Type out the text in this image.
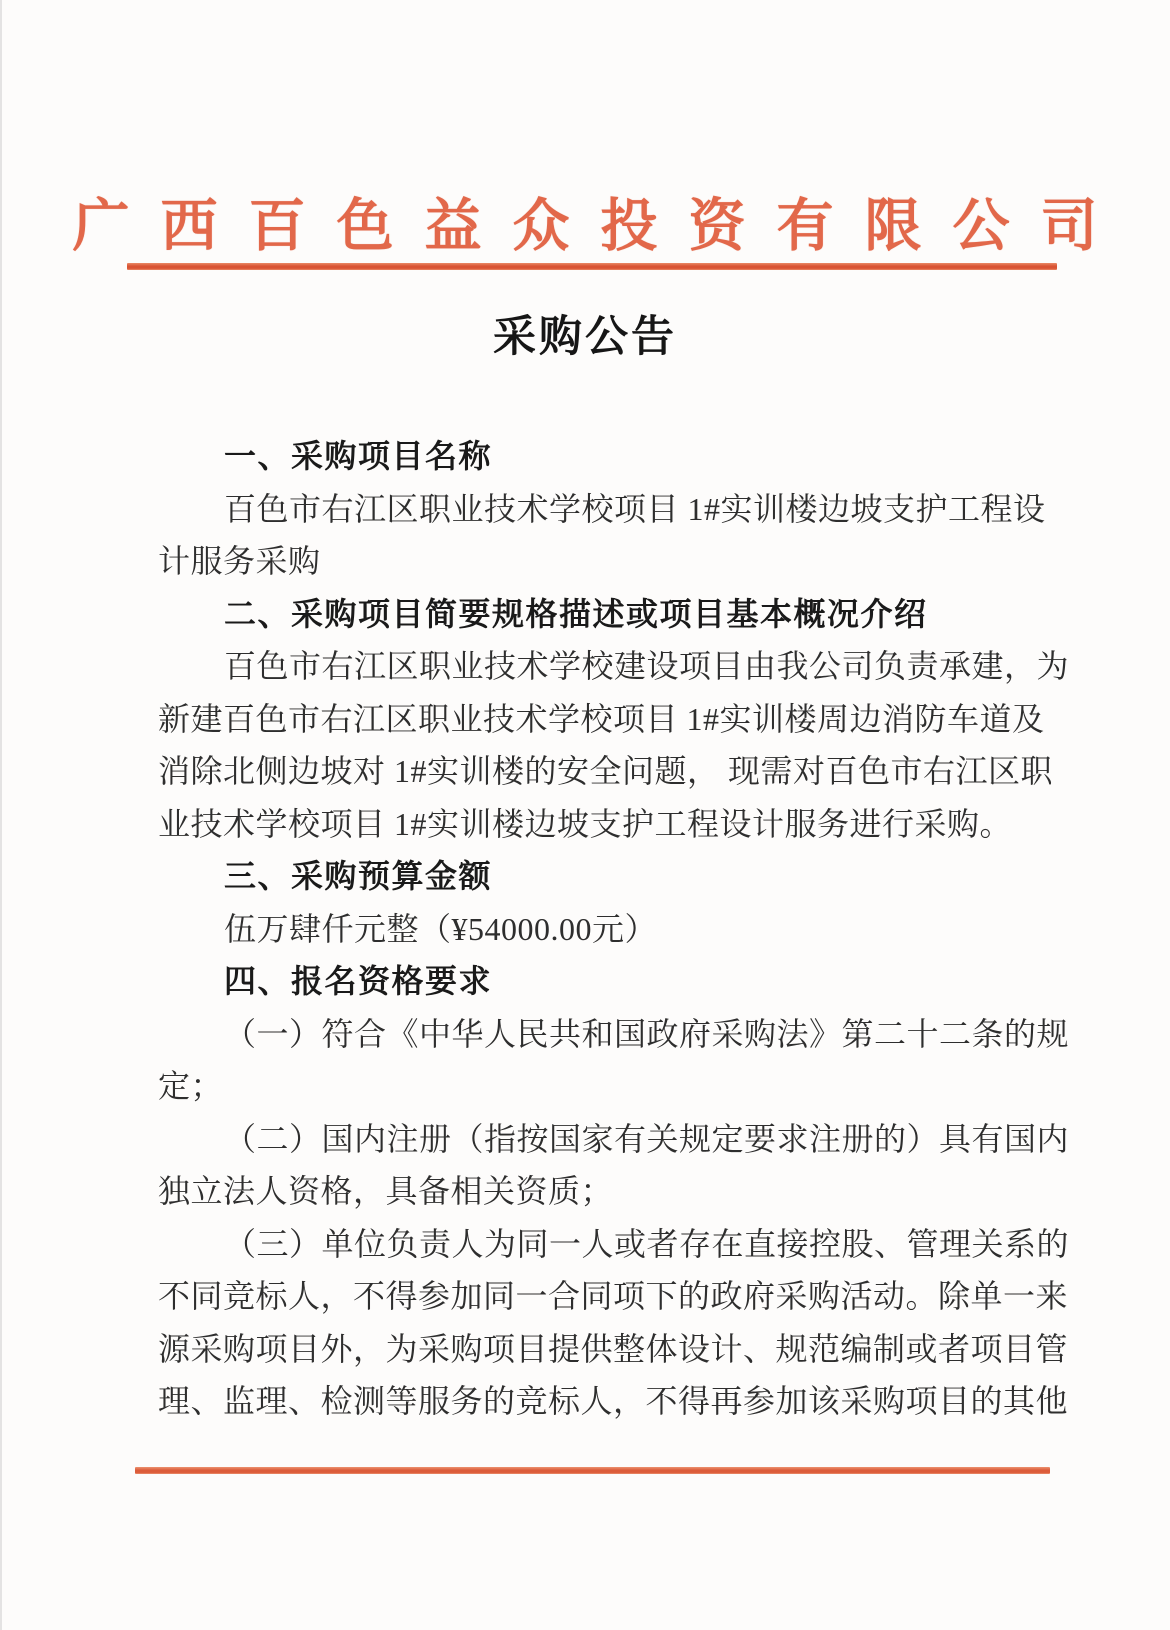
广西百色益众投资有限公司
采购公告
一、采购项目名称
百色市右江区职业技术学校项目 1#实训楼边坡支护工程设
计服务采购
二、采购项目简要规格描述或项目基本概况介绍
百色市右江区职业技术学校建设项目由我公司负责承建，为
新建百色市右江区职业技术学校项目 1#实训楼周边消防车道及
消除北侧边坡对 1#实训楼的安全问题， 现需对百色市右江区职
业技术学校项目 1#实训楼边坡支护工程设计服务进行采购。
三、采购预算金额
伍万肆仟元整（¥54000.00元）
四、报名资格要求
（一）符合《中华人民共和国政府采购法》第二十二条的规
定；
（二）国内注册（指按国家有关规定要求注册的）具有国内
独立法人资格，具备相关资质；
（三）单位负责人为同一人或者存在直接控股、管理关系的
不同竞标人，不得参加同一合同项下的政府采购活动。除单一来
源采购项目外，为采购项目提供整体设计、规范编制或者项目管
理、监理、检测等服务的竞标人，不得再参加该采购项目的其他
